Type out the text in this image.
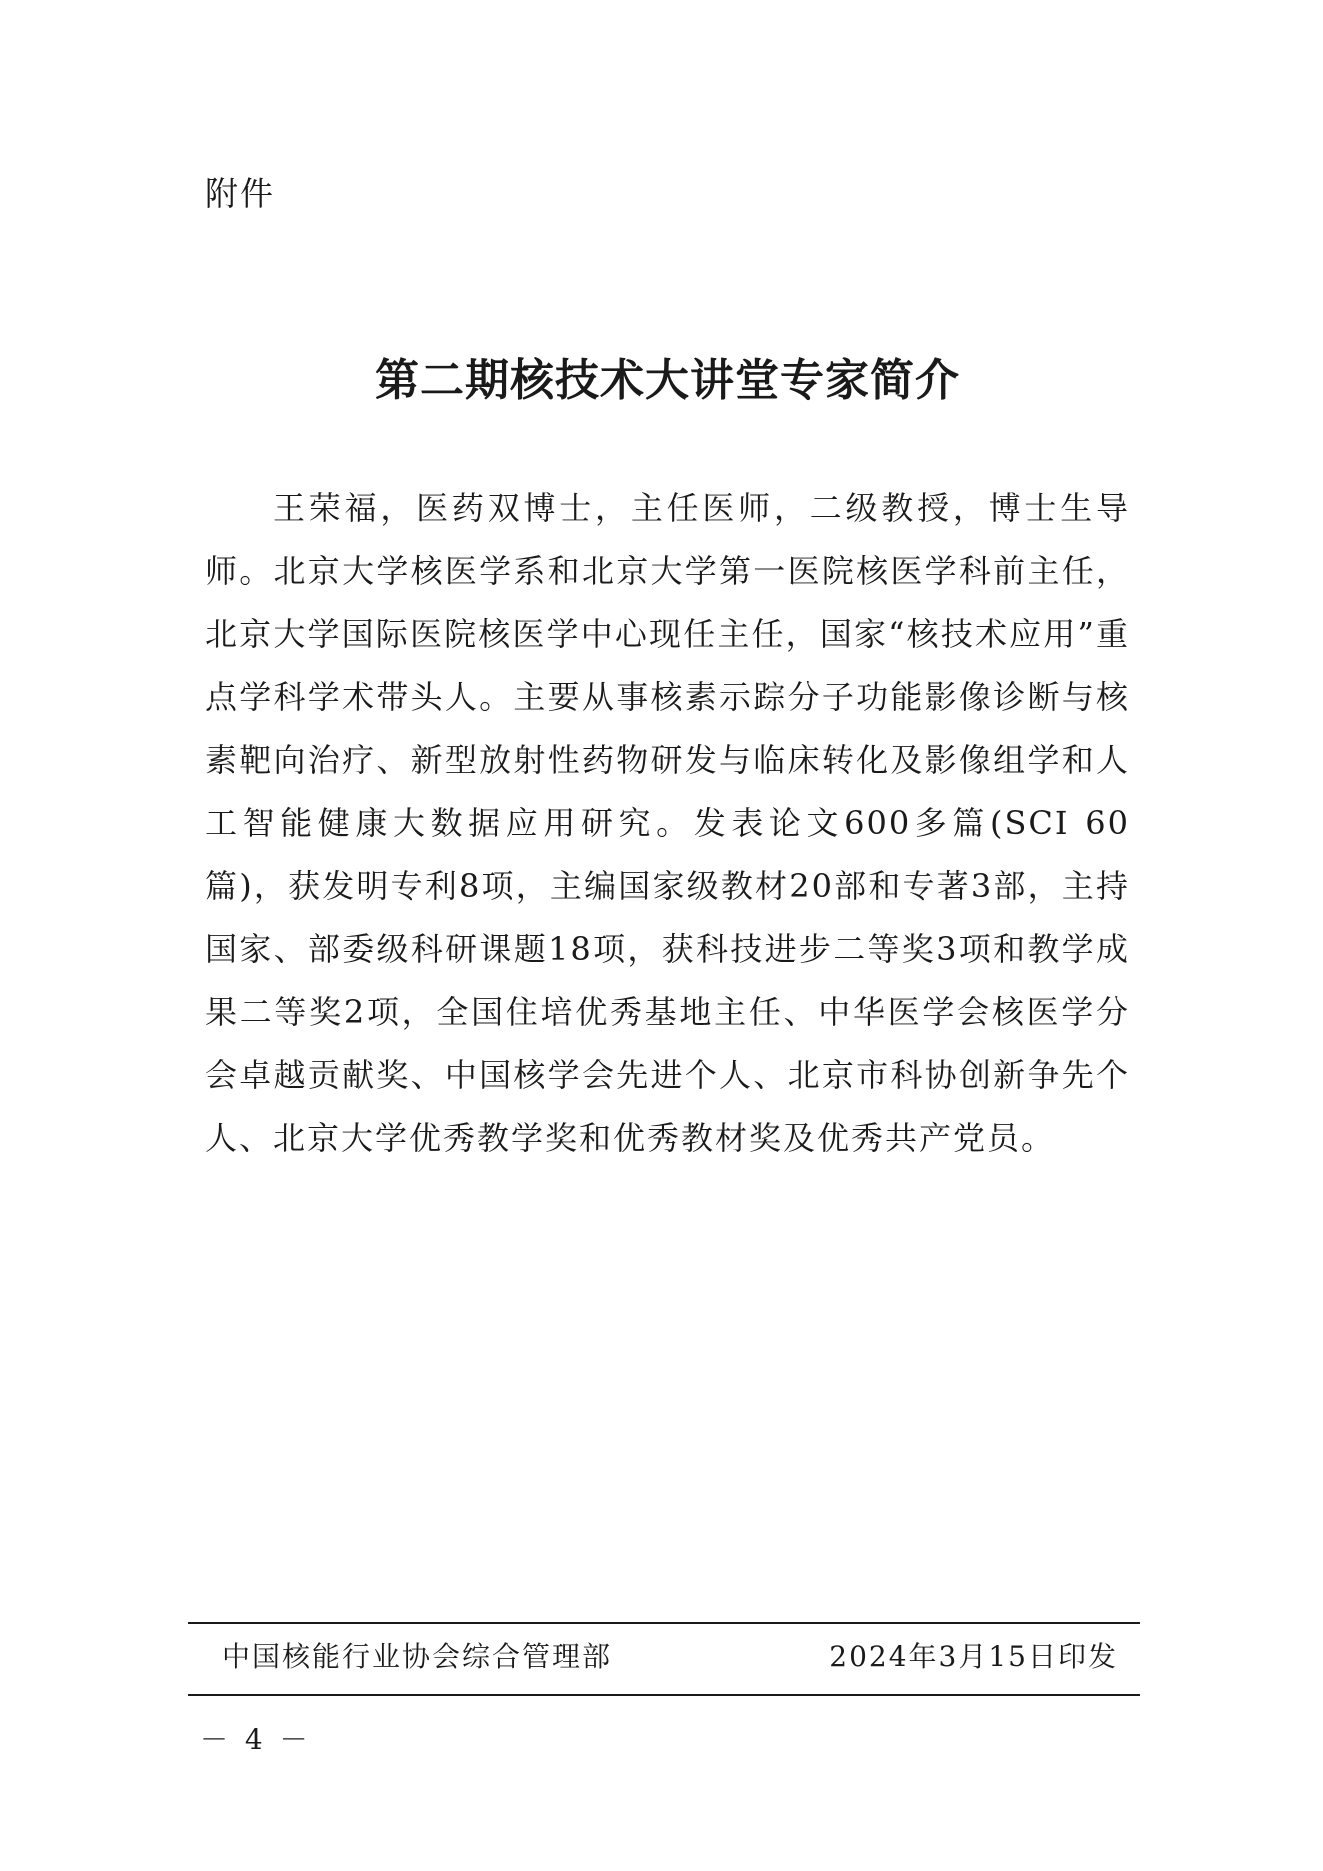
附件
第二期核技术大讲堂专家简介

王荣福，医药双博士，主任医师，二级教授，博士生导师。北京大学核医学系和北京大学第一医院核医学科前主任，北京大学国际医院核医学中心现任主任，国家“核技术应用”重点学科学术带头人。主要从事核素示踪分子功能影像诊断与核素靶向治疗、新型放射性药物研发与临床转化及影像组学和人工智能健康大数据应用研究。发表论文600多篇(SCI 60篇)，获发明专利8项，主编国家级教材20部和专著3部，主持国家、部委级科研课题18项，获科技进步二等奖3项和教学成果二等奖2项，全国住培优秀基地主任、中华医学会核医学分会卓越贡献奖、中国核学会先进个人、北京市科协创新争先个人、北京大学优秀教学奖和优秀教材奖及优秀共产党员。

中国核能行业协会综合管理部	2024年3月15日印发
－ 4 －
